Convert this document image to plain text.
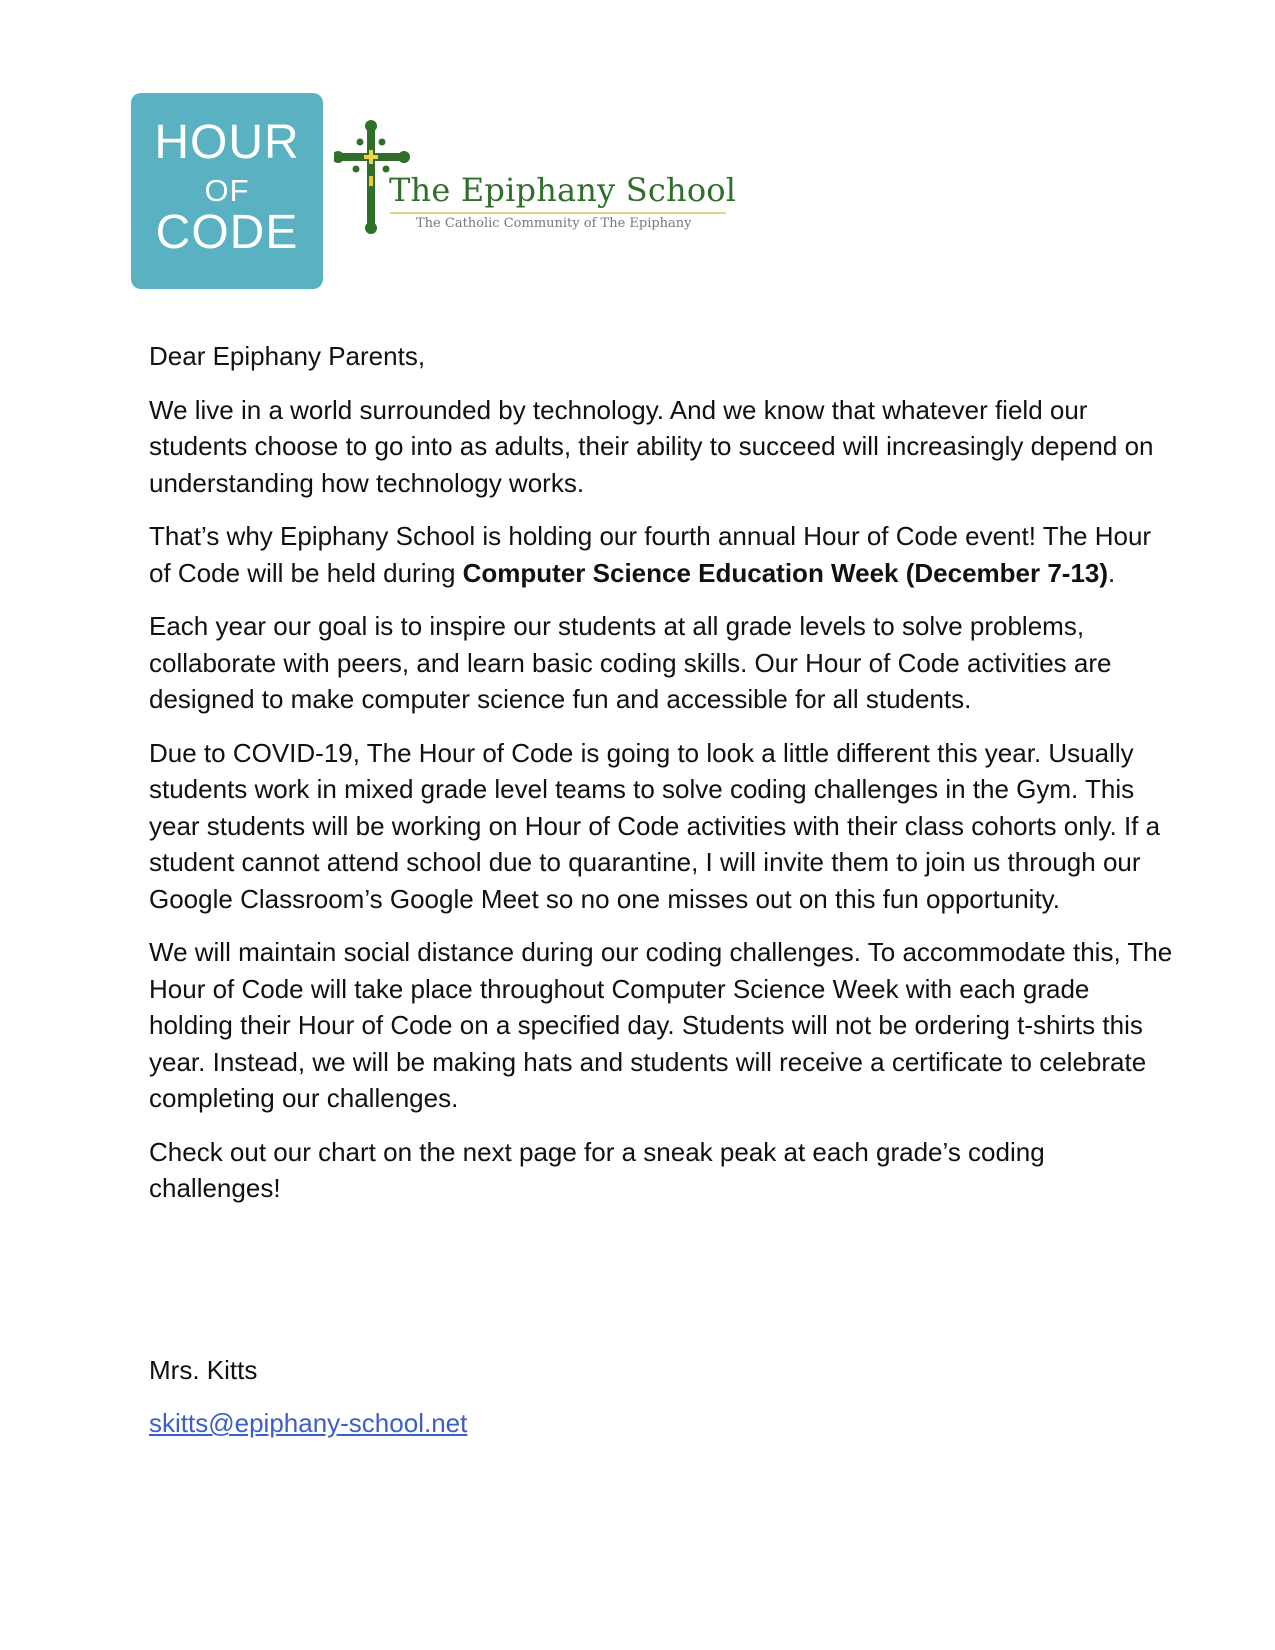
HOUR
OF
CODE
The Epiphany School
The Catholic Community of The Epiphany

Dear Epiphany Parents,

We live in a world surrounded by technology. And we know that whatever field our students choose to go into as adults, their ability to succeed will increasingly depend on understanding how technology works.

That’s why Epiphany School is holding our fourth annual Hour of Code event! The Hour of Code will be held during Computer Science Education Week (December 7-13).

Each year our goal is to inspire our students at all grade levels to solve problems, collaborate with peers, and learn basic coding skills. Our Hour of Code activities are designed to make computer science fun and accessible for all students.

Due to COVID-19, The Hour of Code is going to look a little different this year. Usually students work in mixed grade level teams to solve coding challenges in the Gym. This year students will be working on Hour of Code activities with their class cohorts only. If a student cannot attend school due to quarantine, I will invite them to join us through our Google Classroom’s Google Meet so no one misses out on this fun opportunity.

We will maintain social distance during our coding challenges. To accommodate this, The Hour of Code will take place throughout Computer Science Week with each grade holding their Hour of Code on a specified day. Students will not be ordering t-shirts this year. Instead, we will be making hats and students will receive a certificate to celebrate completing our challenges.

Check out our chart on the next page for a sneak peak at each grade’s coding challenges!

Mrs. Kitts
skitts@epiphany-school.net
